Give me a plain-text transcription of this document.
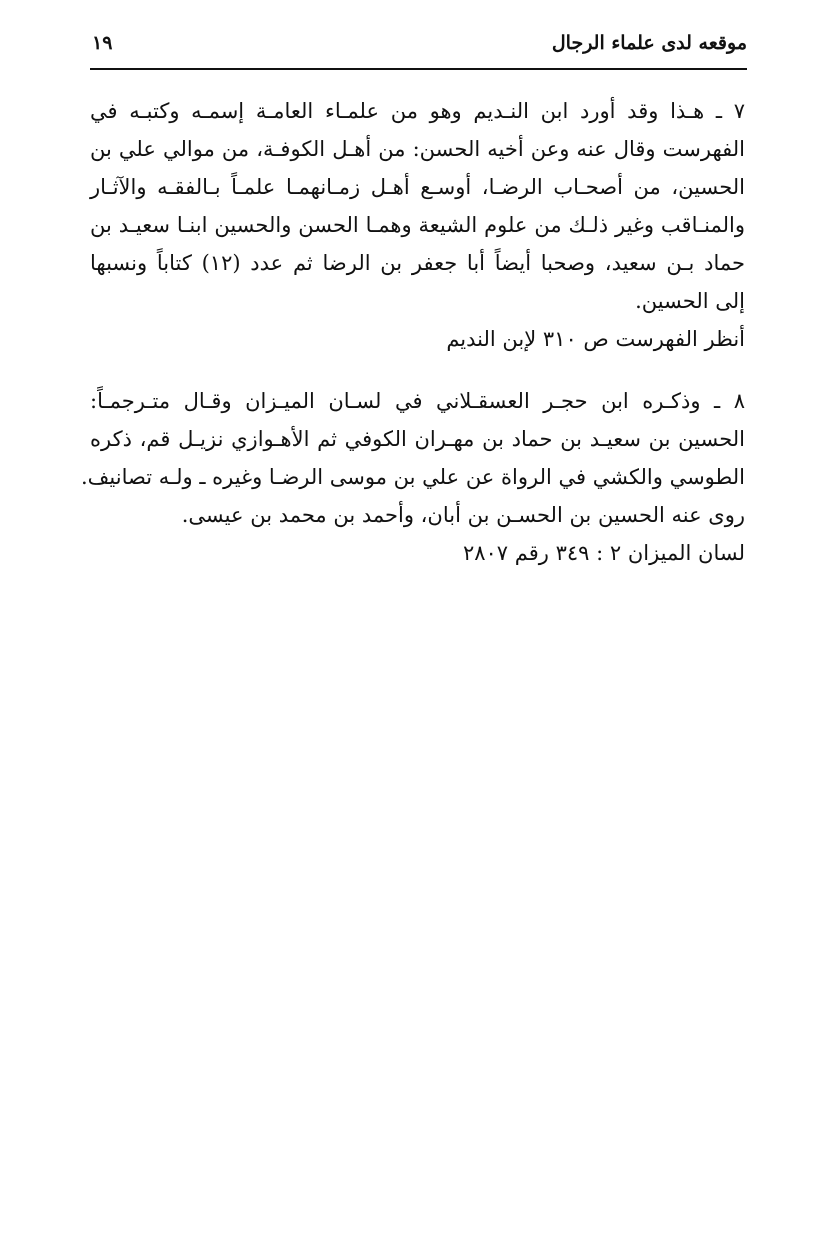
موقعه لدى علماء الرجال
١٩
٧ ـ هـذا وقد أورد ابن النـديم وهو من علمـاء العامـة إسمـه وكتبـه في
الفهرست وقال عنه وعن أخيه الحسن: من أهـل الكوفـة، من موالي علي بن
الحسين، من أصحـاب الرضـا، أوسـع أهـل زمـانهمـا علمـاً بـالفقـه والآثـار
والمنـاقب وغير ذلـك من علوم الشيعة وهمـا الحسن والحسين ابنـا سعيـد بن
حماد بـن سعيد، وصحبا أيضاً أبا جعفر بن الرضا ثم عدد (١٢) كتاباً ونسبها
إلى الحسين.
أنظر الفهرست ص ٣١٠ لإبن النديم
٨ ـ وذكـره ابن حجـر العسقـلاني في لسـان الميـزان وقـال متـرجمـاً:
الحسين بن سعيـد بن حماد بن مهـران الكوفي ثم الأهـوازي نزيـل قم، ذكره
الطوسي والكشي في الرواة عن علي بن موسى الرضـا وغيره ـ ولـه تصانيف.
روى عنه الحسين بن الحسـن بن أبان، وأحمد بن محمد بن عيسى.
لسان الميزان ٢ : ٣٤٩ رقم ٢٨٠٧
